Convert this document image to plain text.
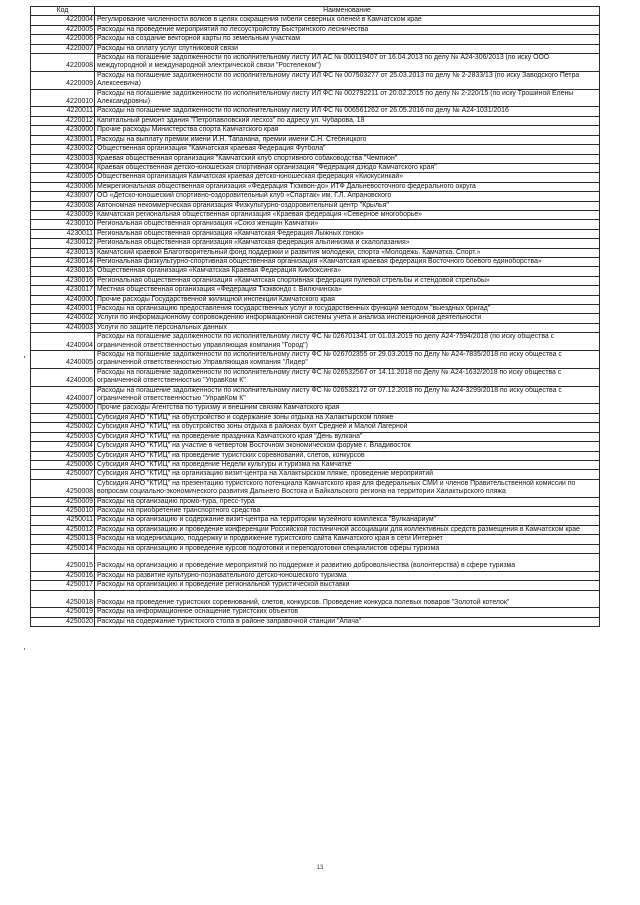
Код	Наименование
4220004	Регулирование численности волков в целях сокращения гибели северных оленей в Камчатском крае
4220005	Расходы на проведение мероприятий по лесоустройству Быстринского лесничества
4220006	Расходы на создание векторной карты по земельным участкам
4220007	Расходы на оплату услуг спутниковой связи
4220008	Расходы на погашение задолженности по исполнительному листу ИЛ АС № 000119407 от 16.04.2013 по делу № А24-306/2013 (по иску ООО междугородной и международной электрической связи "Ростелеком")
4220009	Расходы на погашение задолженности по исполнительному листу ИЛ ФС № 007503277 от 25.03.2013 по делу № 2-2833/13 (по иску Заводского Петра Алексеевича)
4220010	Расходы на погашение задолженности по исполнительному листу ИЛ ФС № 002792211 от 20.02.2015 по делу № 2-220/15 (по иску Трошиной Елены Александровны)
4220011	Расходы на погашение задолженности по исполнительному листу ИЛ ФС № 006561262 от 26.05.2016 по делу № А24-1031/2016
4220012	Капитальный ремонт здания "Петропавловский лесхоз" по адресу ул. Чубарова, 18
4230000	Прочие расходы Министерства спорта Камчатского края
4230001	Расходы на выплату премии имени И.Н. Тапанана, премии имени С.Н. Стебницкого
4230002	Общественная организация "Камчатская краевая Федерация Футбола"
4230003	Краевая общественная организация "Камчатский клуб спортивного собаководства "Чемпион"
4230004	Краевая общественная детско-юношеская спортивная организация "Федерация дзюдо Камчатского края"
4230005	Общественная организация Камчатская краевая детско-юношеская федерация «Киокусинкай»
4230006	Межрегиональная общественная организация «Федерация Тхэквон-до» ИТФ Дальневосточного федерального округа
4230007	ОО «Детско-юношеский спортивно-оздоровительный клуб «Спартак» им. Г.Л. Апрановского
4230008	Автономная некоммерческая организация Физкультурно-оздоровительный центр "Крылья"
4230009	Камчатская региональная общественная организация «Краевая федерация «Северное многоборье»
4230010	Региональная общественная организация «Союз женщин Камчатки»
4230011	Региональная общественная организация «Камчатская Федерация Лыжных гонок»
4230012	Региональная общественная организация «Камчатская федерация альпинизма и скалолазания»
4230013	Камчатский краевой Благотворительный фонд поддержки и развития молодежи, спорта «Молодежь. Камчатка. Спорт.»
4230014	Региональная физкультурно-спортивная общественная организация «Камчатская краевая федерация Восточного боевого единоборства»
4230015	Общественная организация «Камчатская Краевая Федерация Кикбоксинга»
4230016	Региональная общественная организация «Камчатская спортивная федерация пулевой стрельбы и стендовой стрельбы»
4230017	Местная общественная организация «Федерация Тхэквондо г. Вилючинска»
4240000	Прочие расходы Государственной жилищной инспекции Камчатского края
4240001	Расходы на организацию предоставления государственных услуг и государственных функций методом "выездных бригад"
4240002	Услуги по информационному сопровождению информационной системы учета и анализа инспекционной деятельности
4240003	Услуги по защите персональных данных
4240004	Расходы на погашение задолженности по исполнительному листу ФС № 026701341 от 01.03.2019 по делу А24-7594/2018 (по иску общества с ограниченной ответственностью управляющая компания "Город")
4240005	Расходы на погашение задолженности по исполнительному листу ФС № 026702355 от 29.03.2019 по Делу № А24-7835/2018 по иску общества с ограниченной ответственностью Управляющая компания "Лидер"
4240006	Расходы на погашение задолженности по исполнительному листу ФС № 026532567 от 14.11.2018 по Делу № А24-1632/2018 по иску общества с ограниченной ответственностью "УправКом К"
4240007	Расходы на погашение задолженности по исполнительному листу ФС № 026532172 от 07.12.2018 по Делу № А24-3299/2018 по иску общества с ограниченной ответственностью "УправКом К"
4250000	Прочие расходы Агентства по туризму и внешним связям Камчатского края
4250001	Субсидия АНО "КТИЦ" на обустройство и содержание зоны отдыха на Халактырском пляже
4250002	Субсидия АНО "КТИЦ" на обустройство зоны отдыха в районах бухт Средней и Малой Лагерной
4250003	Субсидия АНО "КТИЦ" на проведение праздника Камчатского края "День вулкана"
4250004	Субсидия АНО "КТИЦ" на участие в четвертом Восточном экономическом форуме г. Владивосток
4250005	Субсидия АНО "КТИЦ" на проведение туристских соревнований, слетов, конкурсов
4250006	Субсидия АНО "КТИЦ" на проведение Недели культуры и туризма на Камчатке
4250007	Субсидия АНО "КТИЦ" на организацию визит-центра на Халактырском пляже, проведение мероприятий
4250008	Субсидия АНО "КТИЦ" на презентацию туристского потенциала Камчатского края для федеральных СМИ и членов Правительственной комиссии по вопросам социально-экономического развития Дальнего Востока и Байкальского региона на территории Халактырского пляжа
4250009	Расходы на организацию промо-тура, пресс-тура
4250010	Расходы на приобретение транспортного средства
4250011	Расходы на организацию и содержание визит-центра на территории музейного комплекса "Вулканариум"
4250012	Расходы на организацию и проведение конференции Российской гостиничной ассоциации для коллективных средств размещения в Камчатском крае
4250013	Расходы на модернизацию, поддержку и продвижение туристского сайта Камчатского края в сети Интернет
4250014	Расходы на организацию и проведение курсов подготовки и переподготовки специалистов сферы туризма
4250015	Расходы на организацию и проведение мероприятий по поддержке и развитию добровольчества (волонтерства) в сфере туризма
4250016	Расходы на развитие культурно-познавательного детско-юношеского туризма
4250017	Расходы на организацию и проведение региональной туристической выставки
4250018	Расходы на проведение туристских соревнований, слетов, конкурсов. Проведение конкурса полевых поваров "Золотой котелок"
4250019	Расходы на информационное оснащение туристских объектов
4250020	Расходы на содержание туристского стола в районе заправочной станции "Апача"
13
